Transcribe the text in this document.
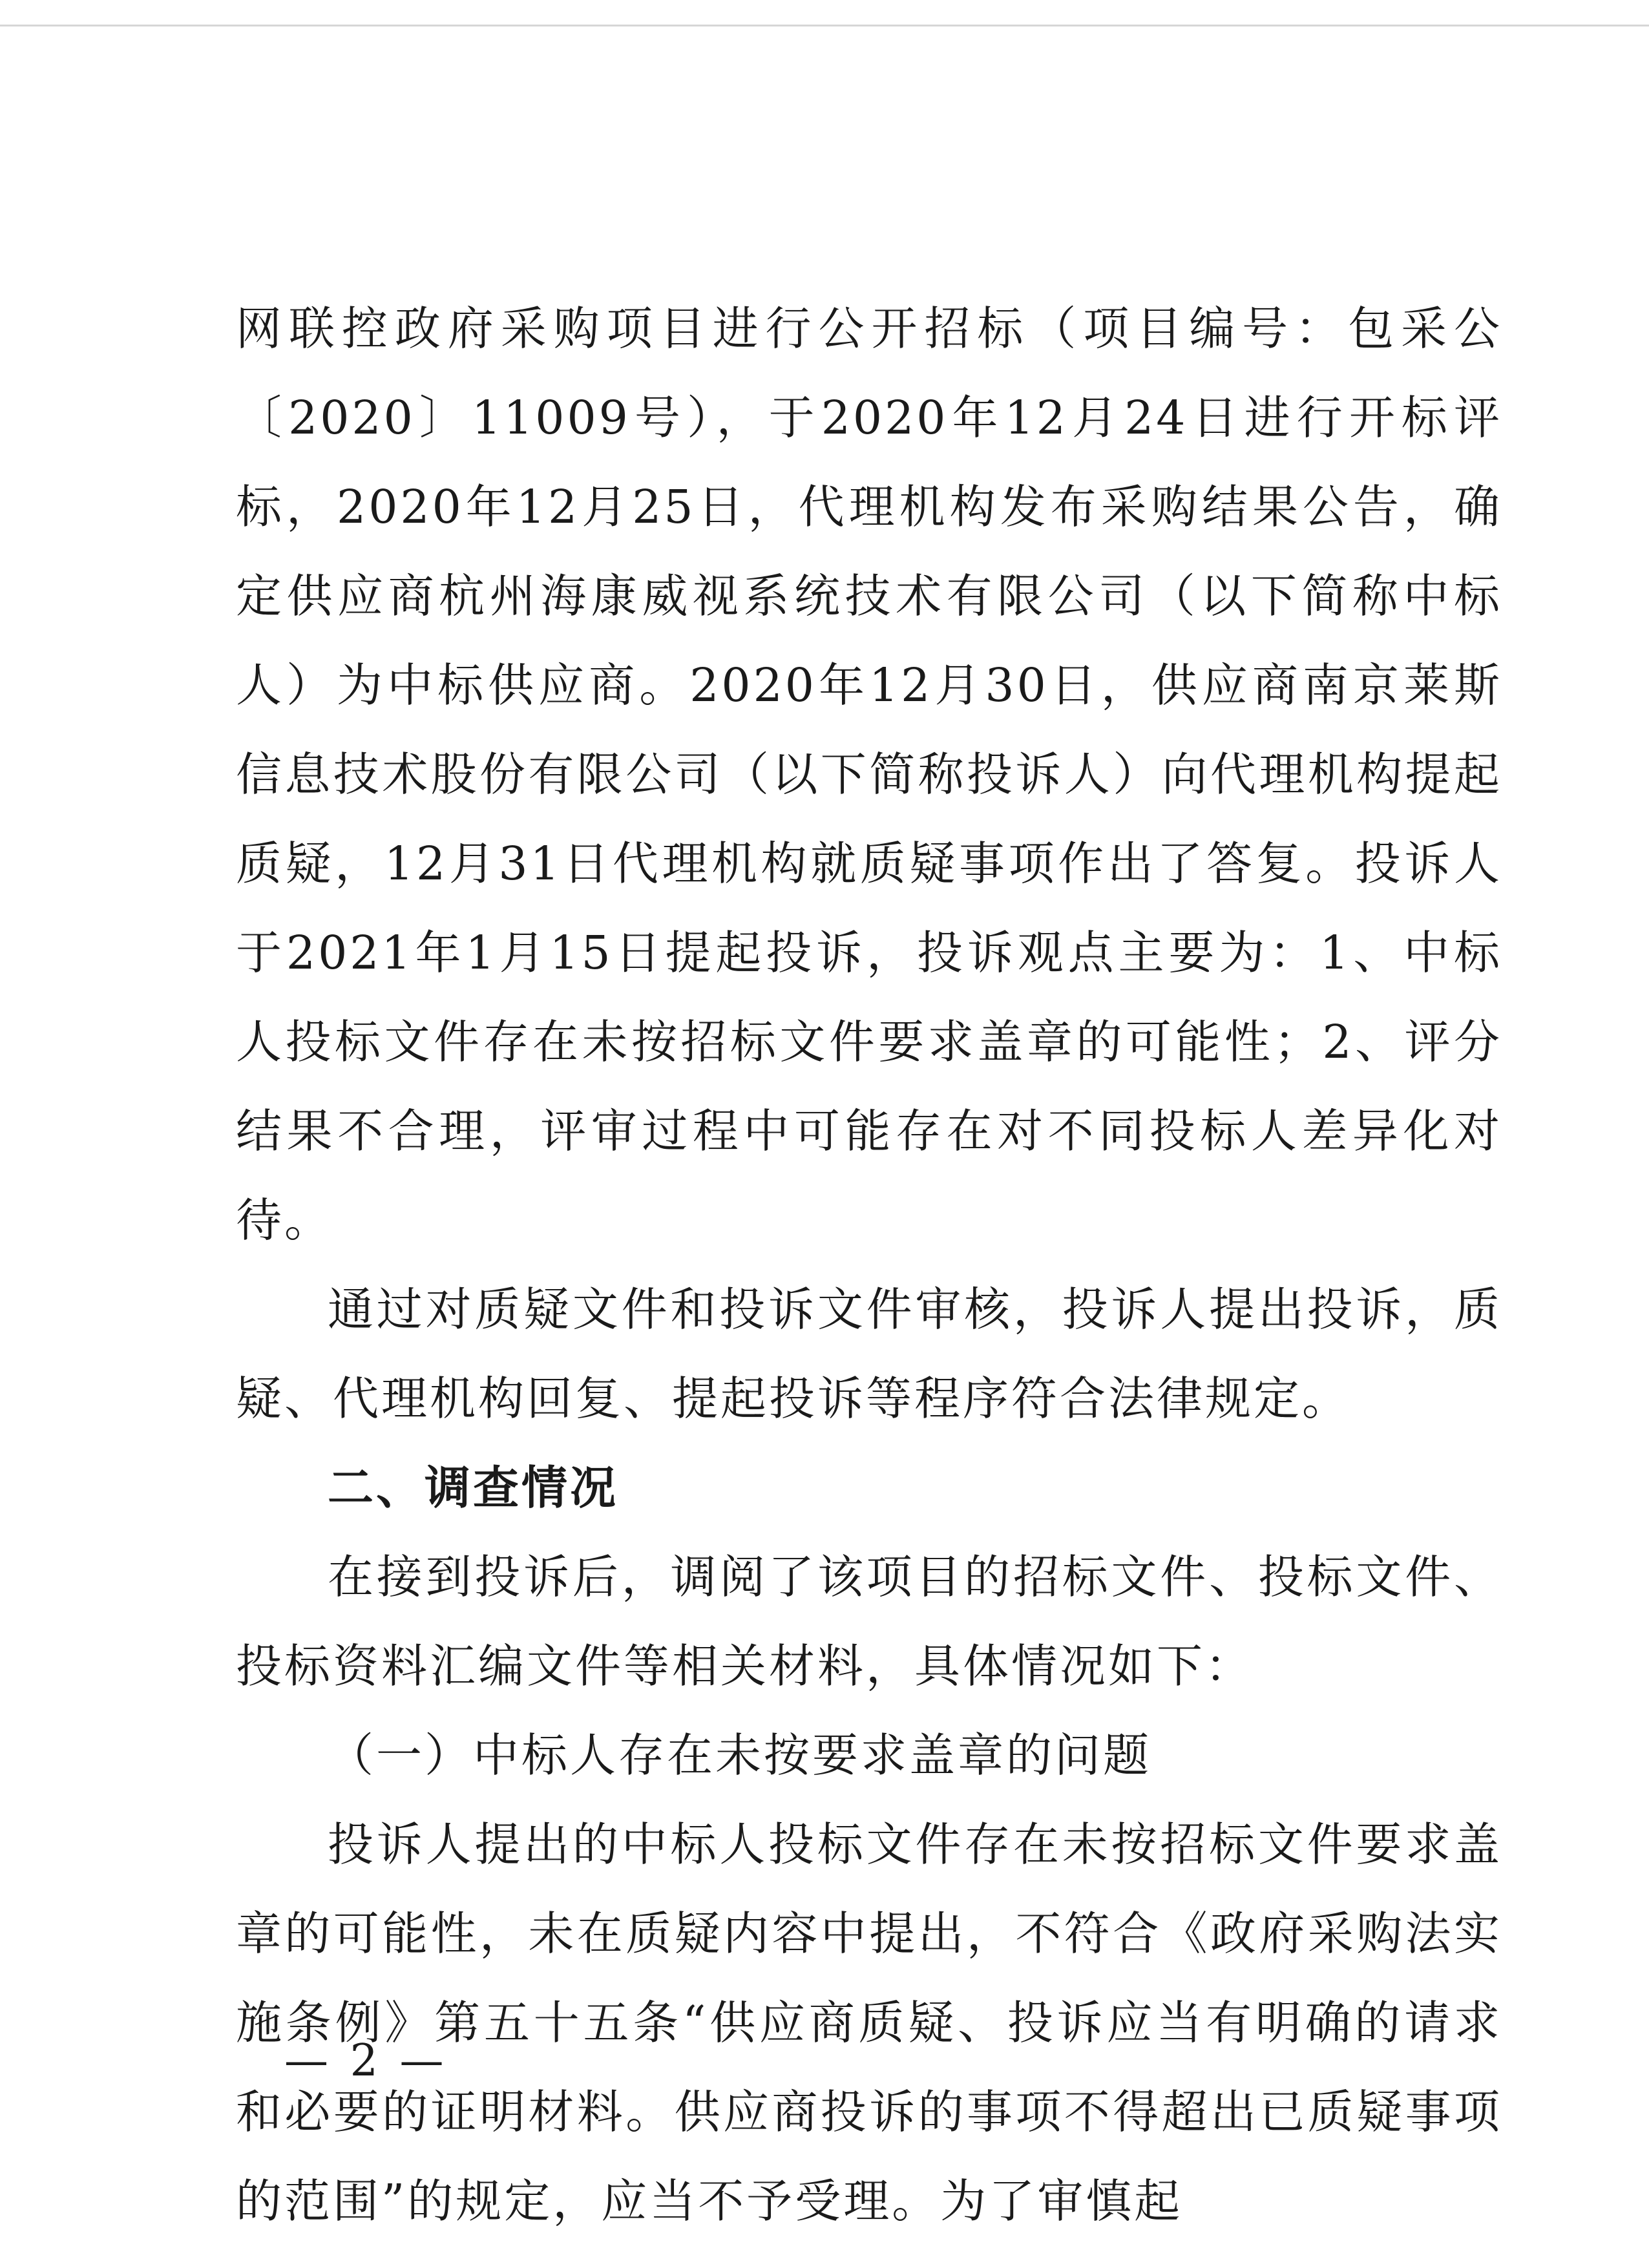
网联控政府采购项目进行公开招标（项目编号：包采公〔2020〕11009号），于2020年12月24日进行开标评标，2020年12月25日，代理机构发布采购结果公告，确定供应商杭州海康威视系统技术有限公司（以下简称中标人）为中标供应商。2020年12月30日，供应商南京莱斯信息技术股份有限公司（以下简称投诉人）向代理机构提起质疑，12月31日代理机构就质疑事项作出了答复。投诉人于2021年1月15日提起投诉，投诉观点主要为：1、中标人投标文件存在未按招标文件要求盖章的可能性；2、评分结果不合理，评审过程中可能存在对不同投标人差异化对待。

通过对质疑文件和投诉文件审核，投诉人提出投诉，质疑、代理机构回复、提起投诉等程序符合法律规定。

二、调查情况

在接到投诉后，调阅了该项目的招标文件、投标文件、投标资料汇编文件等相关材料，具体情况如下：

（一）中标人存在未按要求盖章的问题

投诉人提出的中标人投标文件存在未按招标文件要求盖章的可能性，未在质疑内容中提出，不符合《政府采购法实施条例》第五十五条“供应商质疑、投诉应当有明确的请求和必要的证明材料。供应商投诉的事项不得超出已质疑事项的范围”的规定，应当不予受理。为了审慎起

— 2 —
